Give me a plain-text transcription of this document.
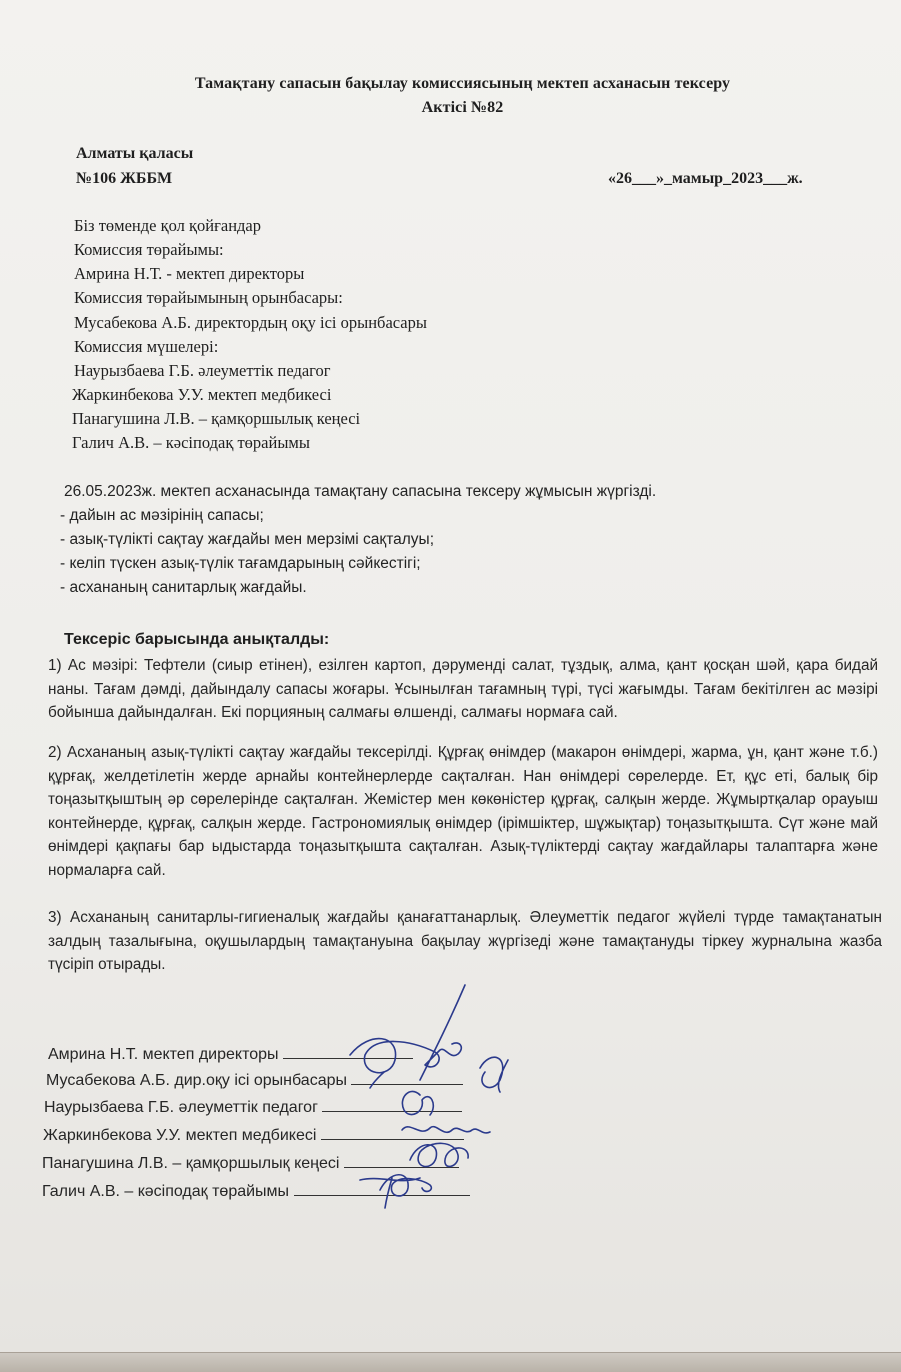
Тамақтану сапасын бақылау комиссиясының мектеп асханасын тексеру
Актісі №82
Алматы қаласы
№106 ЖББМ	«26___»_мамыр_2023___ж.
Біз төменде қол қойғандар
Комиссия төрайымы:
Амрина Н.Т. - мектеп директоры
Комиссия төрайымының орынбасары:
Мусабекова А.Б. директордың оқу ісі орынбасары
Комиссия мүшелері:
Наурызбаева Г.Б. әлеуметтік педагог
Жаркинбекова У.У. мектеп медбикесі
Панагушина Л.В. – қамқоршылық кеңесі
Галич А.В. – кәсіподақ төрайымы
26.05.2023ж. мектеп асханасында тамақтану сапасына тексеру жұмысын жүргізді.
- дайын ас мәзірінің сапасы;
- азық-түлікті сақтау жағдайы мен мерзімі сақталуы;
- келіп түскен азық-түлік тағамдарының сәйкестігі;
- асхананың санитарлық жағдайы.
Тексеріс барысында анықталды:
1) Ас мәзірі: Тефтели (сиыр етінен), езілген картоп, дәруменді салат, тұздық, алма, қант қосқан шәй, қара бидай наны. Тағам дәмді, дайындалу сапасы жоғары. Ұсынылған тағамның түрі, түсі жағымды. Тағам бекітілген ас мәзірі бойынша дайындалған. Екі порцияның салмағы өлшенді, салмағы нормаға сай.
2) Асхананың азық-түлікті сақтау жағдайы тексерілді. Құрғақ өнімдер (макарон өнімдері, жарма, ұн, қант және т.б.) құрғақ, желдетілетін жерде арнайы контейнерлерде сақталған. Нан өнімдері сөрелерде. Ет, құс еті, балық бір тоңазытқыштың әр сөрелерінде сақталған. Жемістер мен көкөністер құрғақ, салқын жерде. Жұмыртқалар орауыш контейнерде, құрғақ, салқын жерде. Гастрономиялық өнімдер (ірімшіктер, шұжықтар) тоңазытқышта. Сүт және май өнімдері қақпағы бар ыдыстарда тоңазытқышта сақталған. Азық-түліктерді сақтау жағдайлары талаптарға және нормаларға сай.
3) Асхананың санитарлы-гигиеналық жағдайы қанағаттанарлық. Әлеуметтік педагог жүйелі түрде тамақтанатын залдың тазалығына, оқушылардың тамақтануына бақылау жүргізеді және тамақтануды тіркеу журналына жазба түсіріп отырады.
Амрина Н.Т. мектеп директоры
Мусабекова А.Б. дир.оқу ісі орынбасары
Наурызбаева Г.Б. әлеуметтік педагог
Жаркинбекова У.У. мектеп медбикесі
Панагушина Л.В. – қамқоршылық кеңесі
Галич А.В. – кәсіподақ төрайымы
